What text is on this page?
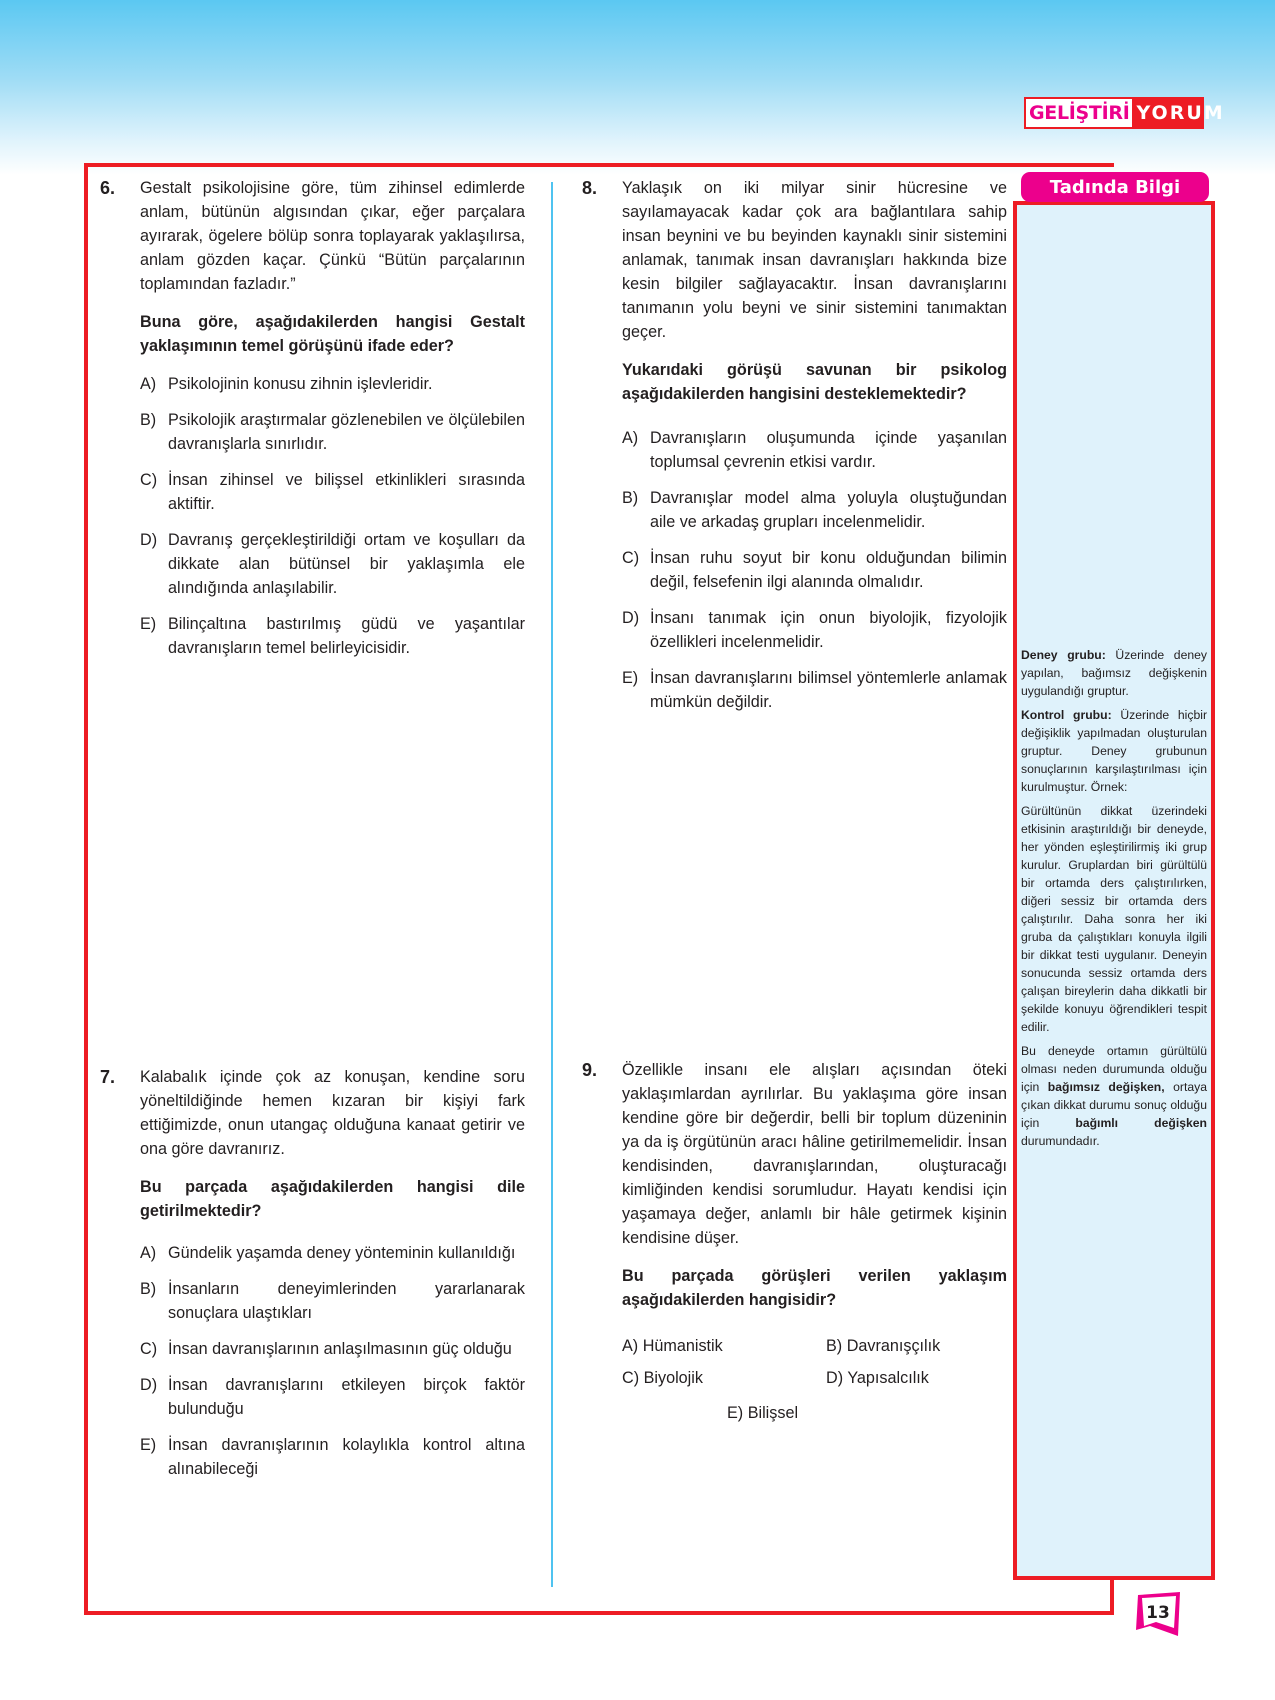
GELİŞTİRİ YORUM
6. Gestalt psikolojisine göre, tüm zihinsel edimlerde anlam, bütünün algısından çıkar, eğer parçalara ayırarak, ögelere bölüp sonra toplayarak yaklaşılırsa, anlam gözden kaçar. Çünkü “Bütün parçalarının toplamından fazladır.”

Buna göre, aşağıdakilerden hangisi Gestalt yaklaşımının temel görüşünü ifade eder?

A) Psikolojinin konusu zihnin işlevleridir.
B) Psikolojik araştırmalar gözlenebilen ve ölçülebilen davranışlarla sınırlıdır.
C) İnsan zihinsel ve bilişsel etkinlikleri sırasında aktiftir.
D) Davranış gerçekleştirildiği ortam ve koşulları da dikkate alan bütünsel bir yaklaşımla ele alındığında anlaşılabilir.
E) Bilinçaltına bastırılmış güdü ve yaşantılar davranışların temel belirleyicisidir.
7. Kalabalık içinde çok az konuşan, kendine soru yöneltildiğinde hemen kızaran bir kişiyi fark ettiğimizde, onun utangaç olduğuna kanaat getirir ve ona göre davranırız.

Bu parçada aşağıdakilerden hangisi dile getirilmektedir?

A) Gündelik yaşamda deney yönteminin kullanıldığı
B) İnsanların deneyimlerinden yararlanarak sonuçlara ulaştıkları
C) İnsan davranışlarının anlaşılmasının güç olduğu
D) İnsan davranışlarını etkileyen birçok faktör bulunduğu
E) İnsan davranışlarının kolaylıkla kontrol altına alınabileceği
8. Yaklaşık on iki milyar sinir hücresine ve sayılamayacak kadar çok ara bağlantılara sahip insan beynini ve bu beyinden kaynaklı sinir sistemini anlamak, tanımak insan davranışları hakkında bize kesin bilgiler sağlayacaktır. İnsan davranışlarını tanımanın yolu beyni ve sinir sistemini tanımaktan geçer.

Yukarıdaki görüşü savunan bir psikolog aşağıdakilerden hangisini desteklemektedir?

A) Davranışların oluşumunda içinde yaşanılan toplumsal çevrenin etkisi vardır.
B) Davranışlar model alma yoluyla oluştuğundan aile ve arkadaş grupları incelenmelidir.
C) İnsan ruhu soyut bir konu olduğundan bilimin değil, felsefenin ilgi alanında olmalıdır.
D) İnsanı tanımak için onun biyolojik, fizyolojik özellikleri incelenmelidir.
E) İnsan davranışlarını bilimsel yöntemlerle anlamak mümkün değildir.
9. Özellikle insanı ele alışları açısından öteki yaklaşımlardan ayrılırlar. Bu yaklaşıma göre insan kendine göre bir değerdir, belli bir toplum düzeninin ya da iş örgütünün aracı hâline getirilmemelidir. İnsan kendisinden, davranışlarından, oluşturacağı kimliğinden kendisi sorumludur. Hayatı kendisi için yaşamaya değer, anlamlı bir hâle getirmek kişinin kendisine düşer.

Bu parçada görüşleri verilen yaklaşım aşağıdakilerden hangisidir?

A) Hümanistik	B) Davranışçılık
C) Biyolojik	D) Yapısalcılık
E) Bilişsel
Tadında Bilgi

Deney grubu: Üzerinde deney yapılan, bağımsız değişkenin uygulandığı gruptur.

Kontrol grubu: Üzerinde hiçbir değişiklik yapılmadan oluşturulan gruptur. Deney grubunun sonuçlarının karşılaştırılması için kurulmuştur. Örnek:

Gürültünün dikkat üzerindeki etkisinin araştırıldığı bir deneyde, her yönden eşleştirilirmiş iki grup kurulur. Gruplardan biri gürültülü bir ortamda ders çalıştırılırken, diğeri sessiz bir ortamda ders çalıştırılır. Daha sonra her iki gruba da çalıştıkları konuyla ilgili bir dikkat testi uygulanır. Deneyin sonucunda sessiz ortamda ders çalışan bireylerin daha dikkatli bir şekilde konuyu öğrendikleri tespit edilir.

Bu deneyde ortamın gürültülü olması neden durumunda olduğu için bağımsız değişken, ortaya çıkan dikkat durumu sonuç olduğu için bağımlı değişken durumundadır.

13
